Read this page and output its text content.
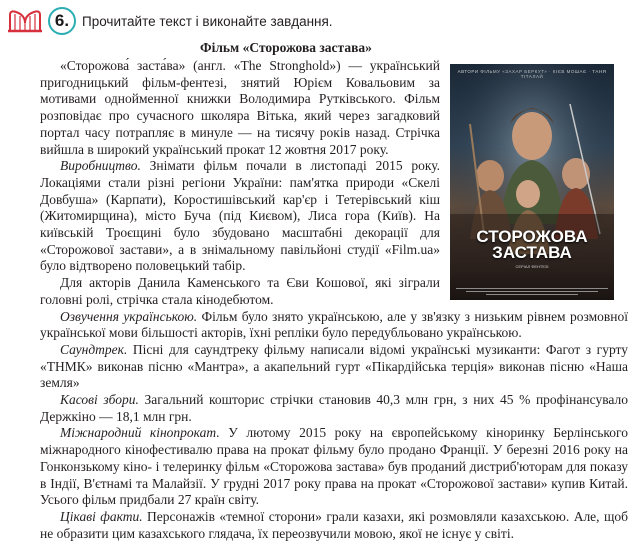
6. Прочитайте текст і виконайте завдання.
Фільм «Сторожова застава»
СТОРОЖОВА
ЗАСТАВА
СЕРІАЛ ФЕНТЕЗІ

«Сторожова́ заста́ва» (англ. «The Stronghold») — український пригодницький фільм-фентезі, знятий Юрієм Ковальовим за мотивами однойменної книжки Володимира Рутківського. Фільм розповідає про сучасного школяра Вітька, який через загадковий портал часу потрапляє в минуле — на тисячу років назад. Стрічка вийшла в широкий український прокат 12 жовтня 2017 року.

Виробництво. Знімати фільм почали в листопаді 2015 року. Локаціями стали різні регіони України: пам'ятка природи «Скелі Довбуша» (Карпати), Коростишівський кар'єр і Тетерівський кіш (Житомирщина), місто Буча (під Києвом), Лиса гора (Київ). На київській Троєщині було збудовано масштабні декорації для «Сторожової застави», а в знімальному павільйоні студії «Film.ua» було відтворено половецький табір.

Для акторів Данила Каменського та Єви Кошової, які зіграли головні ролі, стрічка стала кінодебютом.

Озвучення українською. Фільм було знято українською, але у зв'язку з низьким рівнем розмовної української мови більшості акторів, їхні репліки було передубльовано українською.

Саундтрек. Пісні для саундтреку фільму написали відомі українські музиканти: Фагот з гурту «ТНМК» виконав пісню «Мантра», а акапельний гурт «Пікардійська терція» виконав пісню «Наша земля»

Касові збори. Загальний кошторис стрічки становив 40,3 млн грн, з них 45 % профінансувало Держкіно — 18,1 млн грн.

Міжнародний кінопрокат. У лютому 2015 року на європейському кіноринку Берлінського міжнародного кінофестивалю права на прокат фільму було продано Франції. У березні 2016 року на Гонконзькому кіно- і телеринку фільм «Сторожова застава» був проданий дистриб'юторам для показу в Індії, В'єтнамі та Малайзії. У грудні 2017 року права на прокат «Сторожової застави» купив Китай. Усього фільм придбали 27 країн світу.

Цікаві факти. Персонажів «темної сторони» грали казахи, які розмовляли казахською. Але, щоб не образити цим казахського глядача, їх переозвучили мовою, якої не існує у світі.
